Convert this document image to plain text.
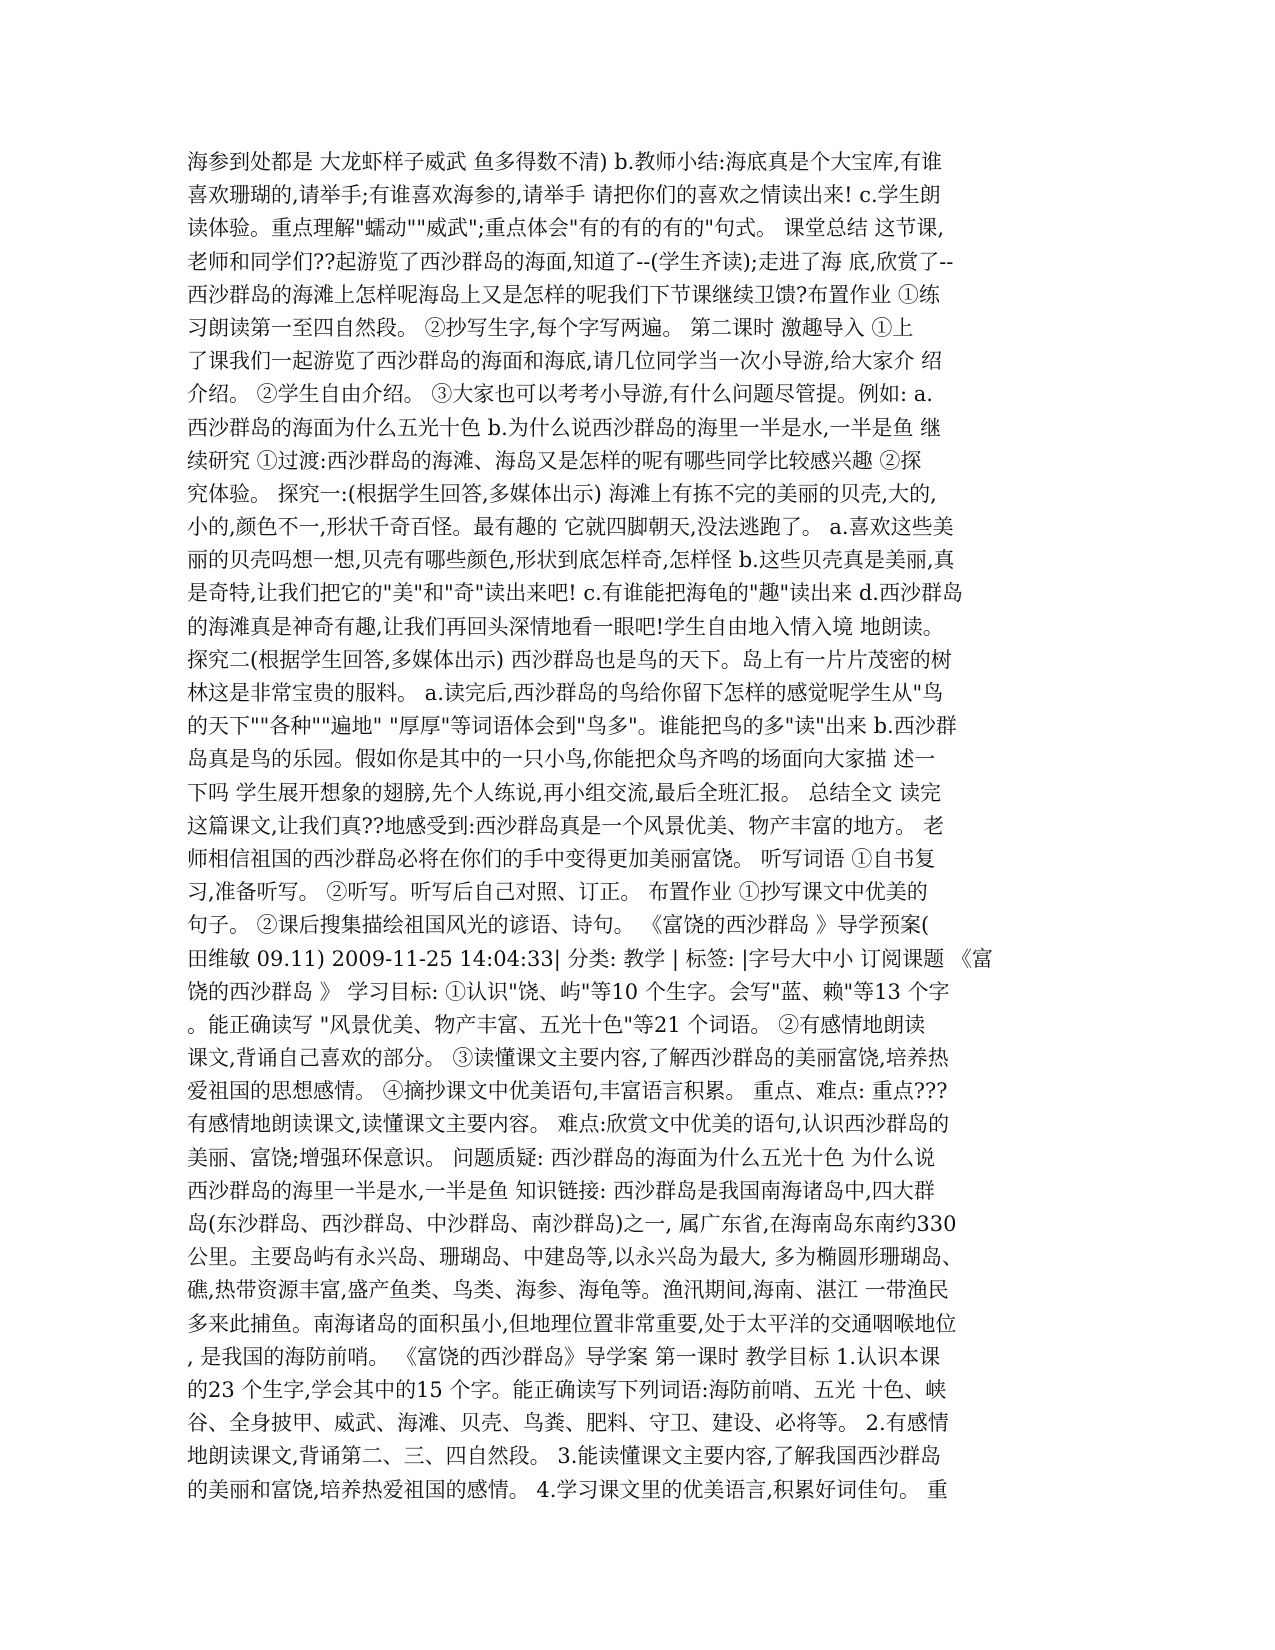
海参到处都是 大龙虾样子威武 鱼多得数不清) b.教师小结:海底真是个大宝库,有谁
喜欢珊瑚的,请举手;有谁喜欢海参的,请举手 请把你们的喜欢之情读出来! c.学生朗
读体验。重点理解"蠕动""威武";重点体会"有的有的有的"句式。 课堂总结 这节课,
老师和同学们??起游览了西沙群岛的海面,知道了--(学生齐读);走进了海 底,欣赏了--
西沙群岛的海滩上怎样呢海岛上又是怎样的呢我们下节课继续卫馈?布置作业 ①练
习朗读第一至四自然段。 ②抄写生字,每个字写两遍。 第二课时 激趣导入 ①上
了课我们一起游览了西沙群岛的海面和海底,请几位同学当一次小导游,给大家介 绍
介绍。 ②学生自由介绍。 ③大家也可以考考小导游,有什么问题尽管提。例如: a.
西沙群岛的海面为什么五光十色 b.为什么说西沙群岛的海里一半是水,一半是鱼 继
续研究 ①过渡:西沙群岛的海滩、海岛又是怎样的呢有哪些同学比较感兴趣 ②探
究体验。 探究一:(根据学生回答,多媒体出示) 海滩上有拣不完的美丽的贝壳,大的,
小的,颜色不一,形状千奇百怪。最有趣的 它就四脚朝天,没法逃跑了。 a.喜欢这些美
丽的贝壳吗想一想,贝壳有哪些颜色,形状到底怎样奇,怎样怪 b.这些贝壳真是美丽,真
是奇特,让我们把它的"美"和"奇"读出来吧! c.有谁能把海龟的"趣"读出来 d.西沙群岛
的海滩真是神奇有趣,让我们再回头深情地看一眼吧!学生自由地入情入境 地朗读。
探究二(根据学生回答,多媒体出示) 西沙群岛也是鸟的天下。岛上有一片片茂密的树
林这是非常宝贵的服料。 a.读完后,西沙群岛的鸟给你留下怎样的感觉呢学生从"鸟
的天下""各种""遍地" "厚厚"等词语体会到"鸟多"。谁能把鸟的多"读"出来 b.西沙群
岛真是鸟的乐园。假如你是其中的一只小鸟,你能把众鸟齐鸣的场面向大家描 述一
下吗 学生展开想象的翅膀,先个人练说,再小组交流,最后全班汇报。 总结全文 读完
这篇课文,让我们真??地感受到:西沙群岛真是一个风景优美、物产丰富的地方。 老
师相信祖国的西沙群岛必将在你们的手中变得更加美丽富饶。 听写词语 ①自书复
习,准备听写。 ②听写。听写后自己对照、订正。 布置作业 ①抄写课文中优美的
句子。 ②课后搜集描绘祖国风光的谚语、诗句。 《富饶的西沙群岛 》导学预案(
田维敏 09.11) 2009-11-25 14:04:33| 分类: 教学 | 标签: |字号大中小 订阅课题 《富
饶的西沙群岛 》 学习目标: ①认识"饶、屿"等10 个生字。会写"蓝、赖"等13 个字
。能正确读写 "风景优美、物产丰富、五光十色"等21 个词语。 ②有感情地朗读
课文,背诵自己喜欢的部分。 ③读懂课文主要内容,了解西沙群岛的美丽富饶,培养热
爱祖国的思想感情。 ④摘抄课文中优美语句,丰富语言积累。 重点、难点: 重点???
有感情地朗读课文,读懂课文主要内容。 难点:欣赏文中优美的语句,认识西沙群岛的
美丽、富饶;增强环保意识。 问题质疑: 西沙群岛的海面为什么五光十色 为什么说
西沙群岛的海里一半是水,一半是鱼 知识链接: 西沙群岛是我国南海诸岛中,四大群
岛(东沙群岛、西沙群岛、中沙群岛、南沙群岛)之一, 属广东省,在海南岛东南约330
公里。主要岛屿有永兴岛、珊瑚岛、中建岛等,以永兴岛为最大, 多为椭圆形珊瑚岛、
礁,热带资源丰富,盛产鱼类、鸟类、海参、海龟等。渔汛期间,海南、湛江 一带渔民
多来此捕鱼。南海诸岛的面积虽小,但地理位置非常重要,处于太平洋的交通咽喉地位
, 是我国的海防前哨。 《富饶的西沙群岛》导学案 第一课时 教学目标 1.认识本课
的23 个生字,学会其中的15 个字。能正确读写下列词语:海防前哨、五光 十色、峡
谷、全身披甲、威武、海滩、贝壳、鸟粪、肥料、守卫、建设、必将等。 2.有感情
地朗读课文,背诵第二、三、四自然段。 3.能读懂课文主要内容,了解我国西沙群岛
的美丽和富饶,培养热爱祖国的感情。 4.学习课文里的优美语言,积累好词佳句。 重
